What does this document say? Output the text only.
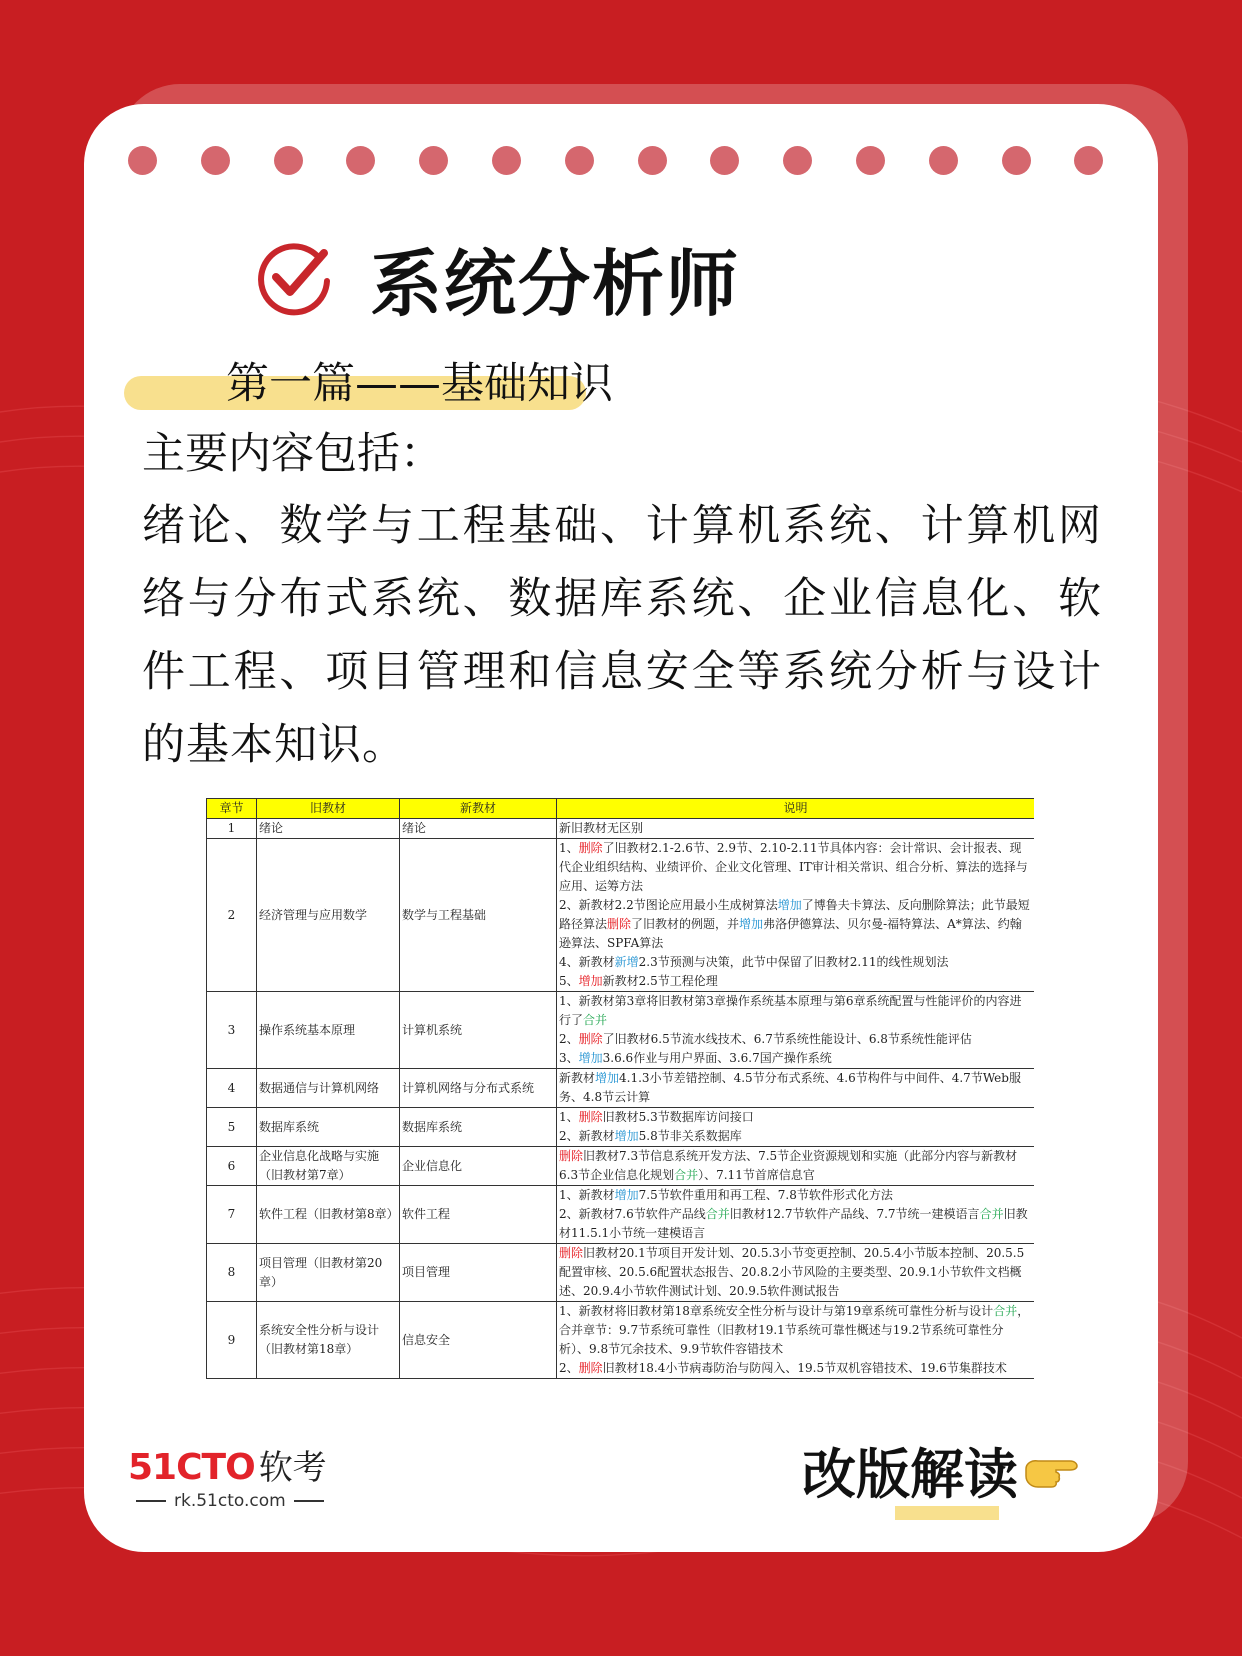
系统分析师
第一篇——基础知识
主要内容包括：
绪论、数学与工程基础、计算机系统、计算机网络与分布式系统、数据库系统、企业信息化、软件工程、项目管理和信息安全等系统分析与设计的基本知识。
章节	旧教材	新教材	说明
1	绪论	绪论	新旧教材无区别

2	经济管理与应用数学	数学与工程基础	1、删除了旧教材2.1-2.6节、2.9节、2.10-2.11节具体内容：会计常识、会计报表、现代企业组织结构、业绩评价、企业文化管理、IT审计相关常识、组合分析、算法的选择与应用、运筹方法
2、新教材2.2节图论应用最小生成树算法增加了博鲁夫卡算法、反向删除算法；此节最短路径算法删除了旧教材的例题，并增加弗洛伊德算法、贝尔曼-福特算法、A*算法、约翰逊算法、SPFA算法
4、新教材新增2.3节预测与决策，此节中保留了旧教材2.11的线性规划法
5、增加新教材2.5节工程伦理

3	操作系统基本原理	计算机系统	1、新教材第3章将旧教材第3章操作系统基本原理与第6章系统配置与性能评价的内容进行了合并
2、删除了旧教材6.5节流水线技术、6.7节系统性能设计、6.8节系统性能评估
3、增加3.6.6作业与用户界面、3.6.7国产操作系统

4	数据通信与计算机网络	计算机网络与分布式系统	新教材增加4.1.3小节差错控制、4.5节分布式系统、4.6节构件与中间件、4.7节Web服务、4.8节云计算

5	数据库系统	数据库系统	1、删除旧教材5.3节数据库访问接口
2、新教材增加5.8节非关系数据库

6	企业信息化战略与实施（旧教材第7章）	企业信息化	删除旧教材7.3节信息系统开发方法、7.5节企业资源规划和实施（此部分内容与新教材6.3节企业信息化规划合并）、7.11节首席信息官

7	软件工程（旧教材第8章）	软件工程	1、新教材增加7.5节软件重用和再工程、7.8节软件形式化方法
2、新教材7.6节软件产品线合并旧教材12.7节软件产品线、7.7节统一建模语言合并旧教材11.5.1小节统一建模语言

8	项目管理（旧教材第20章）	项目管理	删除旧教材20.1节项目开发计划、20.5.3小节变更控制、20.5.4小节版本控制、20.5.5配置审核、20.5.6配置状态报告、20.8.2小节风险的主要类型、20.9.1小节软件文档概述、20.9.4小节软件测试计划、20.9.5软件测试报告

9	系统安全性分析与设计（旧教材第18章）	信息安全	1、新教材将旧教材第18章系统安全性分析与设计与第19章系统可靠性分析与设计合并，合并章节：9.7节系统可靠性（旧教材19.1节系统可靠性概述与19.2节系统可靠性分析）、9.8节冗余技术、9.9节软件容错技术
2、删除旧教材18.4小节病毒防治与防闯入、19.5节双机容错技术、19.6节集群技术
51CTO 软考
rk.51cto.com	改版解读
